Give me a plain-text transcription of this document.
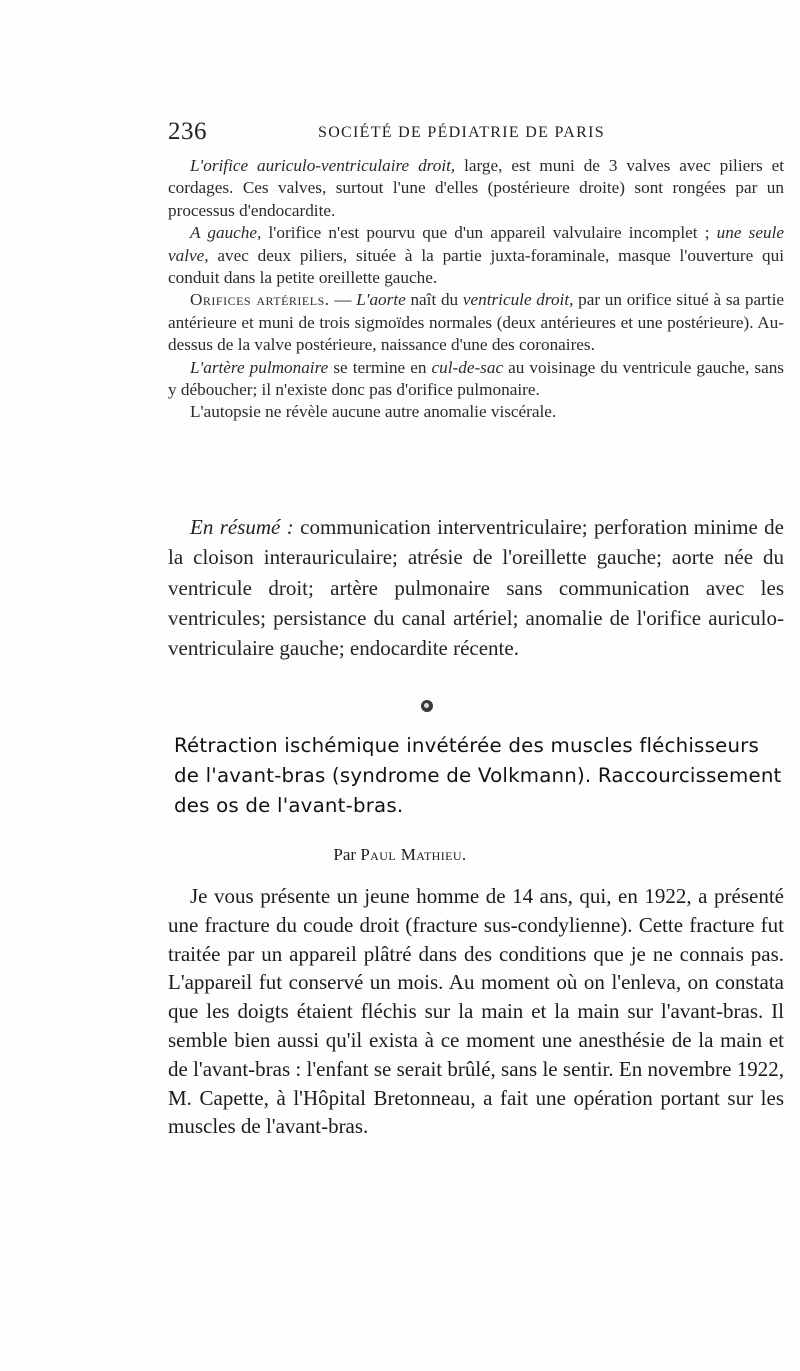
236	SOCIÉTÉ DE PÉDIATRIE DE PARIS

L'orifice auriculo-ventriculaire droit, large, est muni de 3 valves avec piliers et cordages. Ces valves, surtout l'une d'elles (postérieure droite) sont rongées par un processus d'endocardite.

A gauche, l'orifice n'est pourvu que d'un appareil valvulaire incomplet ; une seule valve, avec deux piliers, située à la partie juxta-foraminale, masque l'ouverture qui conduit dans la petite oreillette gauche.

Orifices artériels. — L'aorte naît du ventricule droit, par un orifice situé à sa partie antérieure et muni de trois sigmoïdes normales (deux antérieures et une postérieure). Au-dessus de la valve postérieure, naissance d'une des coronaires.

L'artère pulmonaire se termine en cul-de-sac au voisinage du ventricule gauche, sans y déboucher; il n'existe donc pas d'orifice pulmonaire.

L'autopsie ne révèle aucune autre anomalie viscérale.

En résumé : communication interventriculaire; perforation minime de la cloison interauriculaire; atrésie de l'oreillette gauche; aorte née du ventricule droit; artère pulmonaire sans communication avec les ventricules; persistance du canal artériel; anomalie de l'orifice auriculo-ventriculaire gauche; endocardite récente.

Rétraction ischémique invétérée des muscles fléchisseurs de l'avant-bras (syndrome de Volkmann). Raccourcissement des os de l'avant-bras.
Par Paul Mathieu.

Je vous présente un jeune homme de 14 ans, qui, en 1922, a présenté une fracture du coude droit (fracture sus-condylienne). Cette fracture fut traitée par un appareil plâtré dans des conditions que je ne connais pas. L'appareil fut conservé un mois. Au moment où on l'enleva, on constata que les doigts étaient fléchis sur la main et la main sur l'avant-bras. Il semble bien aussi qu'il exista à ce moment une anesthésie de la main et de l'avant-bras : l'enfant se serait brûlé, sans le sentir. En novembre 1922, M. Capette, à l'Hôpital Bretonneau, a fait une opération portant sur les muscles de l'avant-bras.
